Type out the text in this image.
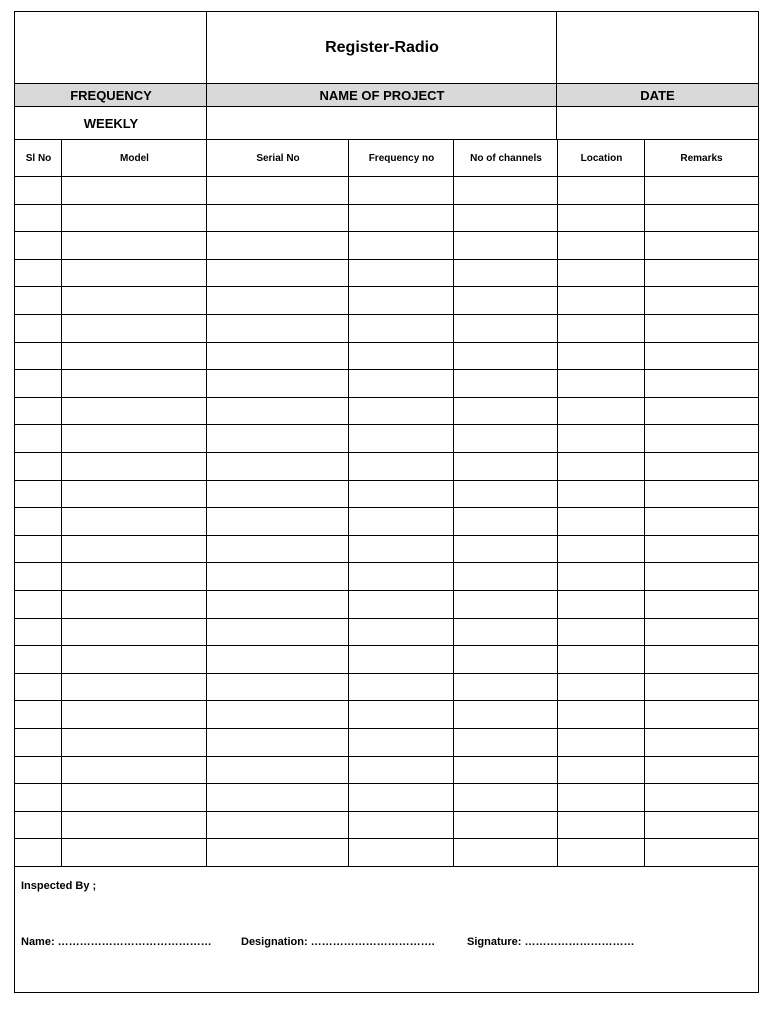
Register-Radio
FREQUENCY	NAME OF PROJECT	DATE
WEEKLY
Sl No	Model	Serial No	Frequency no	No of channels	Location	Remarks
Inspected By ;
Name: ……………………………………	Designation: …………………………….	Signature: …………………………
